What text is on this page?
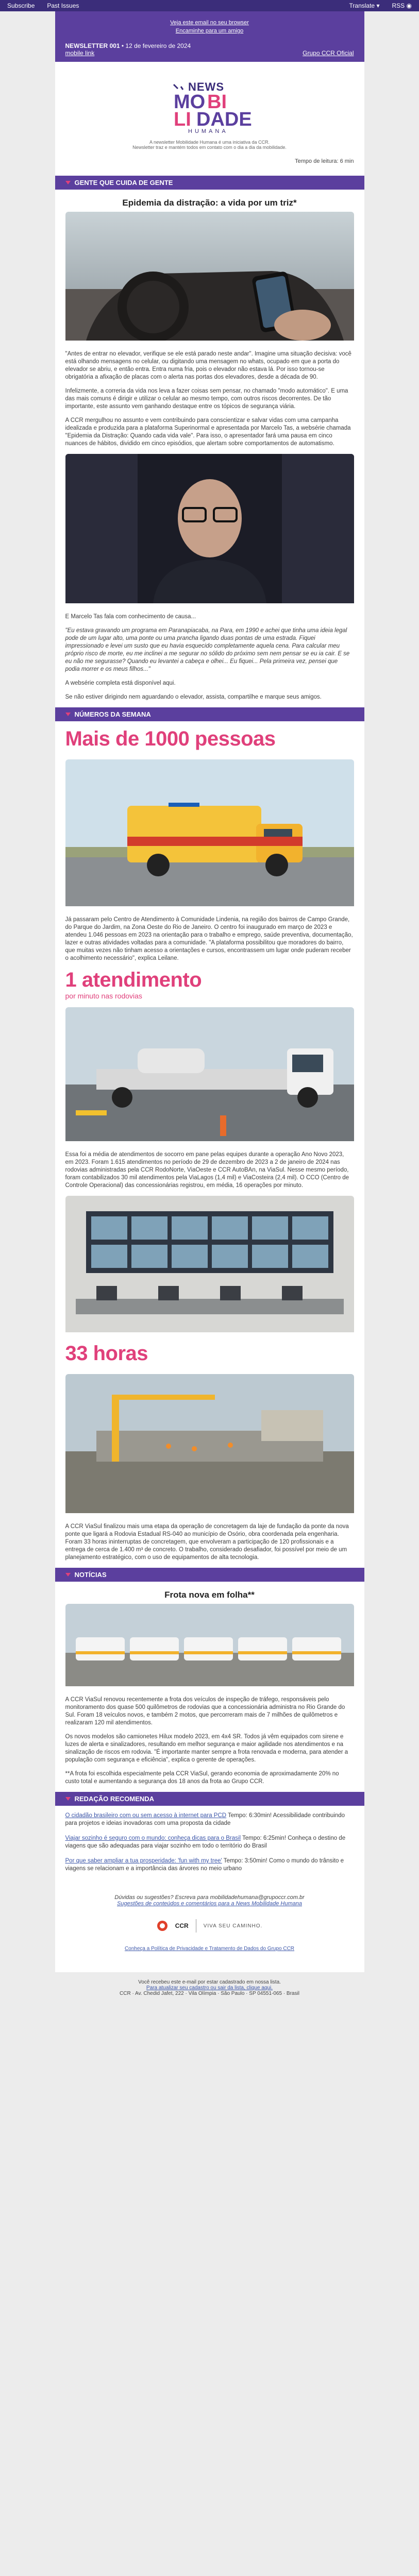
Subscribe Past Issues	Translate ▾ RSS ◉
Veja este email no seu browser
Encaminhe para um amigo
NEWSLETTER 001 • 12 de fevereiro de 2024
mobile link	Grupo CCR Oficial
NEWS
MO BI
LI DADE
HUMANA
A newsletter Mobilidade Humana é uma iniciativa da CCR.
Newsletter traz e mantém todos em contato com o dia a dia da mobilidade.
Tempo de leitura: 6 min
GENTE QUE CUIDA DE GENTE
Epidemia da distração: a vida por um triz*

"Antes de entrar no elevador, verifique se ele está parado neste andar". Imagine uma situação decisiva: você está olhando mensagens no celular, ou digitando uma mensagem no whats, ocupado em que a porta do elevador se abriu, e então entra. Entra numa fria, pois o elevador não estava lá. Por isso tornou-se obrigatória a afixação de placas com o alerta nas portas dos elevadores, desde a década de 90.

Infelizmente, a correria da vida nos leva a fazer coisas sem pensar, no chamado "modo automático". E uma das mais comuns é dirigir e utilizar o celular ao mesmo tempo, com outros riscos decorrentes. De tão importante, este assunto vem ganhando destaque entre os tópicos de segurança viária.

A CCR mergulhou no assunto e vem contribuindo para conscientizar e salvar vidas com uma campanha idealizada e produzida para a plataforma Superinormal e apresentada por Marcelo Tas, a websérie chamada "Epidemia da Distração: Quando cada vida vale". Para isso, o apresentador fará uma pausa em cinco nuances de hábitos, dividido em cinco episódios, que alertam sobre comportamentos de automatismo.

E Marcelo Tas fala com conhecimento de causa...

"Eu estava gravando um programa em Paranapiacaba, na Para, em 1990 e achei que tinha uma ideia legal pode de um lugar alto, uma ponte ou uma prancha ligando duas pontas de uma estrada. Fiquei impressionado e levei um susto que eu havia esquecido completamente aquela cena. Para calcular meu próprio risco de morte, eu me inclinei a me segurar no sólido do próximo sem nem pensar se eu ia cair. E se eu não me segurasse? Quando eu levantei a cabeça e olhei... Eu fiquei... Pela primeira vez, pensei que podia morrer e os meus filhos..."

A websérie completa está disponível aqui.

Se não estiver dirigindo nem aguardando o elevador, assista, compartilhe e marque seus amigos.

NÚMEROS DA SEMANA
Mais de 1000 pessoas

Já passaram pelo Centro de Atendimento à Comunidade Lindenia, na região dos bairros de Campo Grande, do Parque do Jardim, na Zona Oeste do Rio de Janeiro. O centro foi inaugurado em março de 2023 e atendeu 1.046 pessoas em 2023 na orientação para o trabalho e emprego, saúde preventiva, documentação, lazer e outras atividades voltadas para a comunidade. "A plataforma possibilitou que moradores do bairro, que muitas vezes não tinham acesso a orientações e cursos, encontrassem um lugar onde puderam receber o acolhimento necessário", explica Leilane.

1 atendimento
por minuto nas rodovias

Essa foi a média de atendimentos de socorro em pane pelas equipes durante a operação Ano Novo 2023, em 2023. Foram 1.615 atendimentos no período de 29 de dezembro de 2023 a 2 de janeiro de 2024 nas rodovias administradas pela CCR RodoNorte, ViaOeste e CCR AutoBAn, na ViaSul. Nesse mesmo período, foram contabilizados 30 mil atendimentos pela ViaLagos (1,4 mil) e ViaCosteira (2,4 mil). O CCO (Centro de Controle Operacional) das concessionárias registrou, em média, 16 operações por minuto.

33 horas

A CCR ViaSul finalizou mais uma etapa da operação de concretagem da laje de fundação da ponte da nova ponte que ligará a Rodovia Estadual RS-040 ao município de Osório, obra coordenada pela engenharia. Foram 33 horas ininterruptas de concretagem, que envolveram a participação de 120 profissionais e a entrega de cerca de 1.400 m³ de concreto. O trabalho, considerado desafiador, foi possível por meio de um planejamento estratégico, com o uso de equipamentos de alta tecnologia.

NOTÍCIAS
Frota nova em folha**

A CCR ViaSul renovou recentemente a frota dos veículos de inspeção de tráfego, responsáveis pelo monitoramento dos quase 500 quilômetros de rodovias que a concessionária administra no Rio Grande do Sul. Foram 18 veículos novos, e também 2 motos, que percorreram mais de 7 milhões de quilômetros e realizaram 120 mil atendimentos.

Os novos modelos são camionetes Hilux modelo 2023, em 4x4 SR. Todos já vêm equipados com sirene e luzes de alerta e sinalizadores, resultando em melhor segurança e maior agilidade nos atendimentos e na sinalização de riscos em rodovia. "É importante manter sempre a frota renovada e moderna, para atender a população com segurança e eficiência", explica o gerente de operações.

**A frota foi escolhida especialmente pela CCR ViaSul, gerando economia de aproximadamente 20% no custo total e aumentando a segurança dos 18 anos da frota ao Grupo CCR.

REDAÇÃO RECOMENDA
O cidadão brasileiro com ou sem acesso à internet para PCD Tempo: 6:30min! Acessibilidade contribuindo para projetos e ideias inovadoras com uma proposta da cidade
Viajar sozinho é seguro com o mundo: conheça dicas para o Brasil Tempo: 6:25min! Conheça o destino de viagens que são adequadas para viajar sozinho em todo o território do Brasil
Por que saber ampliar a tua prosperidade: 'fun with my tree' Tempo: 3:50min! Como o mundo do trânsito e viagens se relacionam e a importância das árvores no meio urbano
Dúvidas ou sugestões? Escreva para mobilidadehumana@grupoccr.com.br
Sugestões de conteúdos e comentários para a News Mobilidade Humana
CCR	VIVA SEU CAMINHO.
Conheça a Política de Privacidade e Tratamento de Dados do Grupo CCR
Você recebeu este e-mail por estar cadastrado em nossa lista.
Para atualizar seu cadastro ou sair da lista, clique aqui.
CCR · Av. Chedid Jafet, 222 · Vila Olímpia · São Paulo · SP 04551-065 · Brasil
